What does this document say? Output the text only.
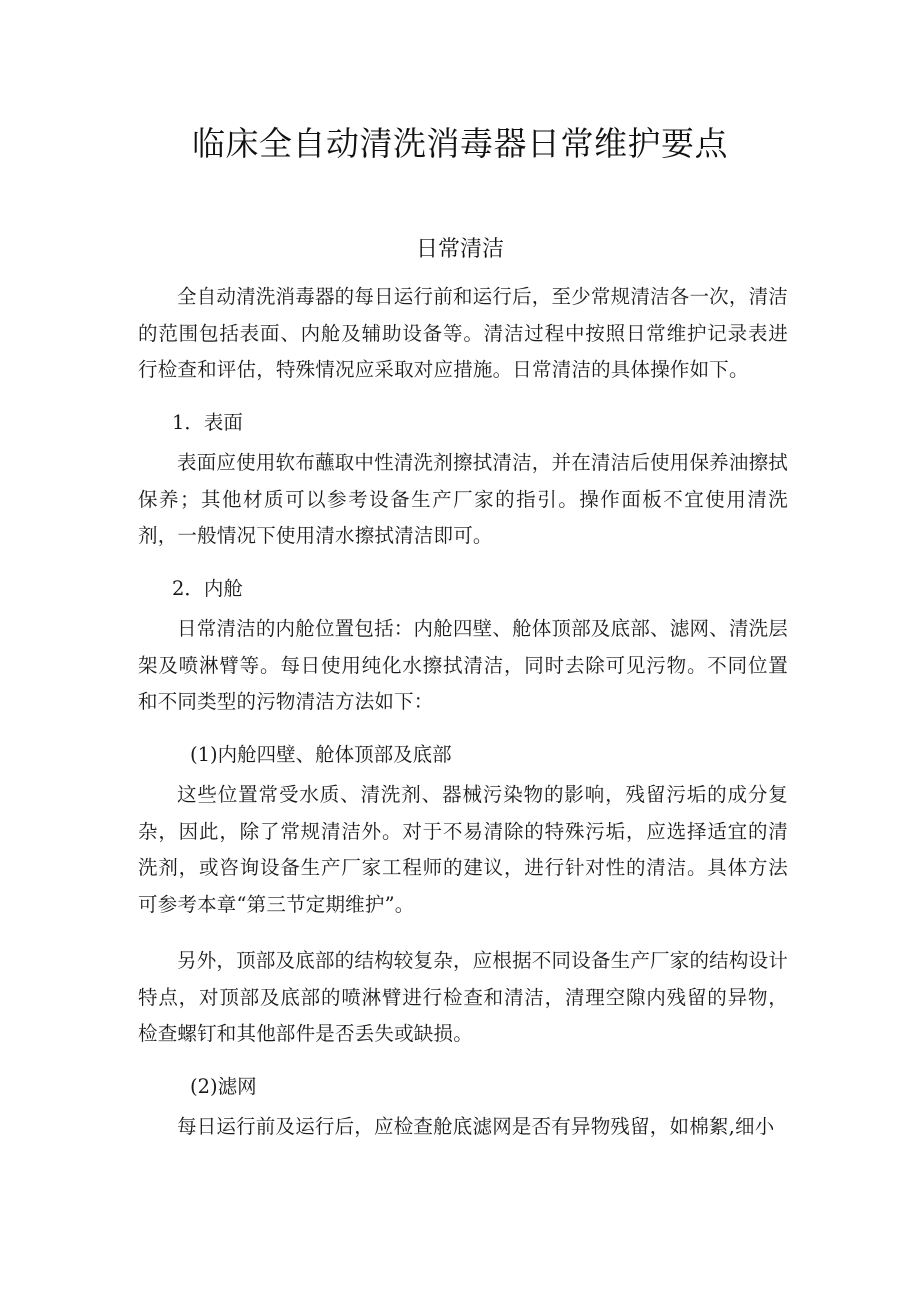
临床全自动清洗消毒器日常维护要点
日常清洁

全自动清洗消毒器的每日运行前和运行后，至少常规清洁各一次，清洁的范围包括表面、内舱及辅助设备等。清洁过程中按照日常维护记录表进行检查和评估，特殊情况应采取对应措施。日常清洁的具体操作如下。

1．表面

表面应使用软布蘸取中性清洗剂擦拭清洁，并在清洁后使用保养油擦拭保养；其他材质可以参考设备生产厂家的指引。操作面板不宜使用清洗剂，一般情况下使用清水擦拭清洁即可。

2．内舱

日常清洁的内舱位置包括：内舱四壁、舱体顶部及底部、滤网、清洗层架及喷淋臂等。每日使用纯化水擦拭清洁，同时去除可见污物。不同位置和不同类型的污物清洁方法如下：

(1)内舱四壁、舱体顶部及底部

这些位置常受水质、清洗剂、器械污染物的影响，残留污垢的成分复杂，因此，除了常规清洁外。对于不易清除的特殊污垢，应选择适宜的清洗剂，或咨询设备生产厂家工程师的建议，进行针对性的清洁。具体方法可参考本章“第三节定期维护”。

另外，顶部及底部的结构较复杂，应根据不同设备生产厂家的结构设计特点，对顶部及底部的喷淋臂进行检查和清洁，清理空隙内残留的异物，检查螺钉和其他部件是否丢失或缺损。

(2)滤网

每日运行前及运行后，应检查舱底滤网是否有异物残留，如棉絮,细小
